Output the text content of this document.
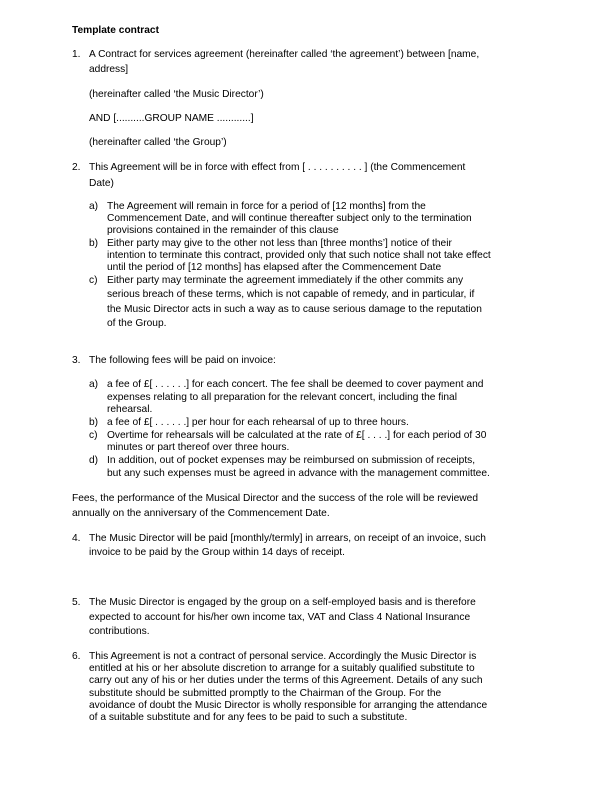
Template contract
1. A Contract for services agreement (hereinafter called ‘the agreement’) between [name,
address]
(hereinafter called ‘the Music Director’)
AND [..........GROUP NAME ............]
(hereinafter called ‘the Group’)
2. This Agreement will be in force with effect from [ . . . . . . . . . . ] (the Commencement
Date)
a) The Agreement will remain in force for a period of [12 months] from the
Commencement Date, and will continue thereafter subject only to the termination
provisions contained in the remainder of this clause
b) Either party may give to the other not less than [three months’] notice of their
intention to terminate this contract, provided only that such notice shall not take effect
until the period of [12 months] has elapsed after the Commencement Date
c) Either party may terminate the agreement immediately if the other commits any
serious breach of these terms, which is not capable of remedy, and in particular, if
the Music Director acts in such a way as to cause serious damage to the reputation
of the Group.
3. The following fees will be paid on invoice:
a) a fee of £[ . . . . . .] for each concert. The fee shall be deemed to cover payment and
expenses relating to all preparation for the relevant concert, including the final
rehearsal.
b) a fee of £[ . . . . . .] per hour for each rehearsal of up to three hours.
c) Overtime for rehearsals will be calculated at the rate of £[ . . . .] for each period of 30
minutes or part thereof over three hours.
d) In addition, out of pocket expenses may be reimbursed on submission of receipts,
but any such expenses must be agreed in advance with the management committee.
Fees, the performance of the Musical Director and the success of the role will be reviewed
annually on the anniversary of the Commencement Date.
4. The Music Director will be paid [monthly/termly] in arrears, on receipt of an invoice, such
invoice to be paid by the Group within 14 days of receipt.
5. The Music Director is engaged by the group on a self-employed basis and is therefore
expected to account for his/her own income tax, VAT and Class 4 National Insurance
contributions.
6. This Agreement is not a contract of personal service. Accordingly the Music Director is
entitled at his or her absolute discretion to arrange for a suitably qualified substitute to
carry out any of his or her duties under the terms of this Agreement. Details of any such
substitute should be submitted promptly to the Chairman of the Group. For the
avoidance of doubt the Music Director is wholly responsible for arranging the attendance
of a suitable substitute and for any fees to be paid to such a substitute.
